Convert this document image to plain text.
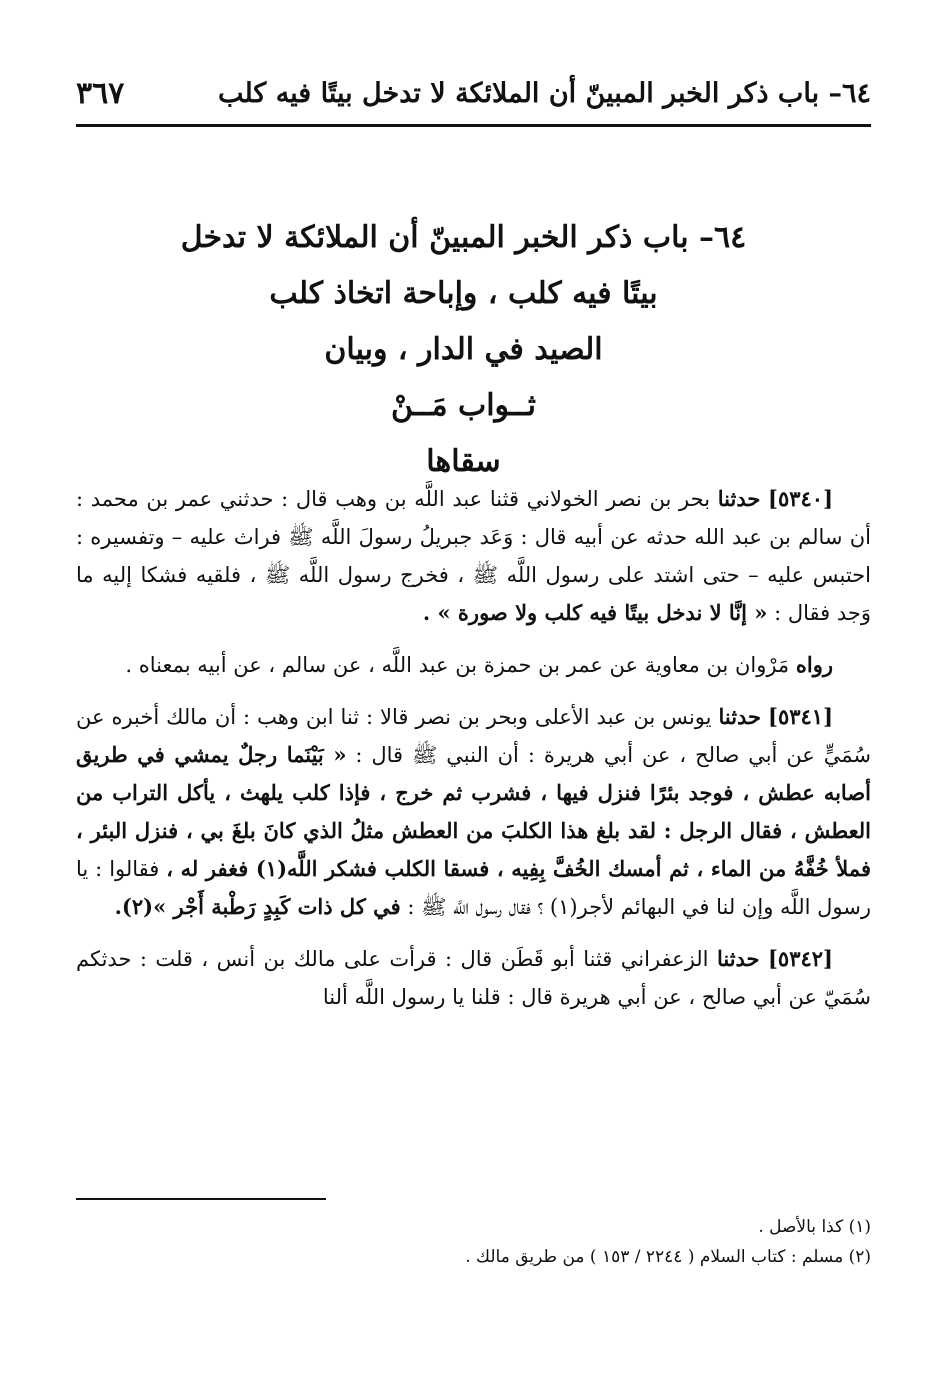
٦٤– باب ذكر الخبر المبينّ أن الملائكة لا تدخل بيتًا فيه كلب
٣٦٧
٦٤– باب ذكر الخبر المبينّ أن الملائكة لا تدخل
بيتًا فيه كلب ، وإباحة اتخاذ كلب
الصيد في الدار ، وبيان
ثــواب مَــنْ
سقاها

[٥٣٤٠] حدثنا بحر بن نصر الخولاني قثنا عبد اللَّه بن وهب قال : حدثني عمر بن محمد : أن سالم بن عبد الله حدثه عن أبيه قال : وَعَد جبريلُ رسولَ اللَّه ﷺ فراث عليه – وتفسيره : احتبس عليه – حتى اشتد على رسول اللَّه ﷺ ، فخرج رسول اللَّه ﷺ ، فلقيه فشكا إليه ما وَجد فقال : « إنَّا لا ندخل بيتًا فيه كلب ولا صورة » .

رواه مَرْوان بن معاوية عن عمر بن حمزة بن عبد اللَّه ، عن سالم ، عن أبيه بمعناه .

[٥٣٤١] حدثنا يونس بن عبد الأعلى وبحر بن نصر قالا : ثنا ابن وهب : أن مالك أخبره عن سُمَيٍّ عن أبي صالح ، عن أبي هريرة : أن النبي ﷺ قال : « بَيْنَما رجلٌ يمشي في طريق أصابه عطش ، فوجد بئرًا فنزل فيها ، فشرب ثم خرج ، فإذا كلب يلهث ، يأكل التراب من العطش ، فقال الرجل : لقد بلغ هذا الكلبَ من العطش مثلُ الذي كانَ بلغَ بي ، فنزل البئر ، فملأ خُفَّهُ من الماء ، ثم أمسك الخُفَّ بِفِيه ، فسقا الكلب فشكر اللَّه(١) فغفر له ، فقالوا : يا رسول اللَّه وإن لنا في البهائم لأجر(١) ؟ فقال رسول اللَّه ﷺ : في كل ذات كَبِدٍ رَطْبة أَجْر »(٢).

[٥٣٤٢] حدثنا الزعفراني قثنا أبو قَطَن قال : قرأت على مالك بن أنس ، قلت : حدثكم سُمَيّ عن أبي صالح ، عن أبي هريرة قال : قلنا يا رسول اللَّه ألنا

(١) كذا بالأصل .
(٢) مسلم : كتاب السلام ( ٢٢٤٤ / ١٥٣ ) من طريق مالك .
